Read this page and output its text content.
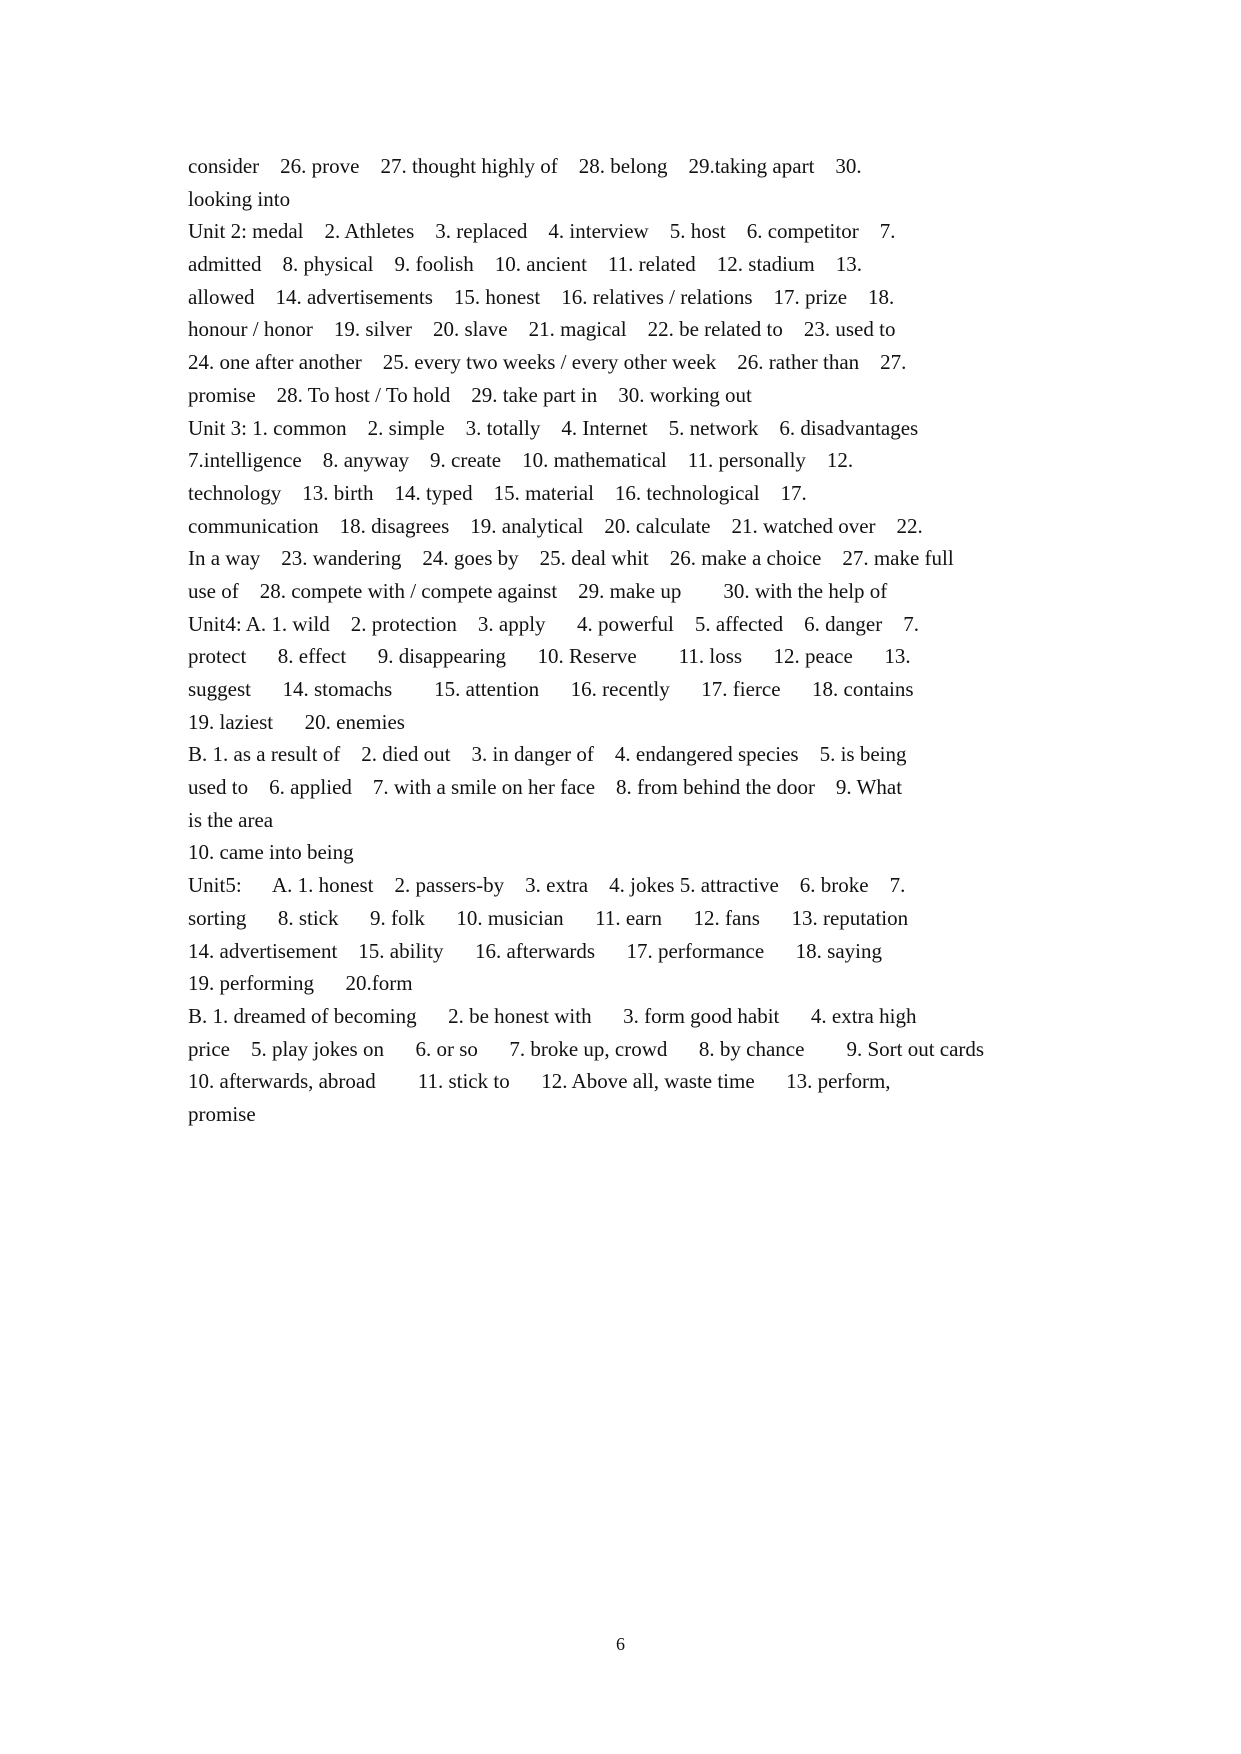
consider    26. prove    27. thought highly of    28. belong    29.taking apart    30.
looking into
Unit 2: medal    2. Athletes    3. replaced    4. interview    5. host    6. competitor    7.
admitted    8. physical    9. foolish    10. ancient    11. related    12. stadium    13.
allowed    14. advertisements    15. honest    16. relatives / relations    17. prize    18.
honour / honor    19. silver    20. slave    21. magical    22. be related to    23. used to
24. one after another    25. every two weeks / every other week    26. rather than    27.
promise    28. To host / To hold    29. take part in    30. working out
Unit 3: 1. common    2. simple    3. totally    4. Internet    5. network    6. disadvantages
7.intelligence    8. anyway    9. create    10. mathematical    11. personally    12.
technology    13. birth    14. typed    15. material    16. technological    17.
communication    18. disagrees    19. analytical    20. calculate    21. watched over    22.
In a way    23. wandering    24. goes by    25. deal whit    26. make a choice    27. make full
use of    28. compete with / compete against    29. make up        30. with the help of
Unit4: A. 1. wild    2. protection    3. apply      4. powerful    5. affected    6. danger    7.
protect      8. effect      9. disappearing      10. Reserve        11. loss      12. peace      13.
suggest      14. stomachs        15. attention      16. recently      17. fierce      18. contains
19. laziest      20. enemies
B. 1. as a result of    2. died out    3. in danger of    4. endangered species    5. is being
used to    6. applied    7. with a smile on her face    8. from behind the door    9. What
is the area
10. came into being
Unit5:      A. 1. honest    2. passers-by    3. extra    4. jokes 5. attractive    6. broke    7.
sorting      8. stick      9. folk      10. musician      11. earn      12. fans      13. reputation
14. advertisement    15. ability      16. afterwards      17. performance      18. saying
19. performing      20.form
B. 1. dreamed of becoming      2. be honest with      3. form good habit      4. extra high
price    5. play jokes on      6. or so      7. broke up, crowd      8. by chance        9. Sort out cards
10. afterwards, abroad        11. stick to      12. Above all, waste time      13. perform,
promise
6
